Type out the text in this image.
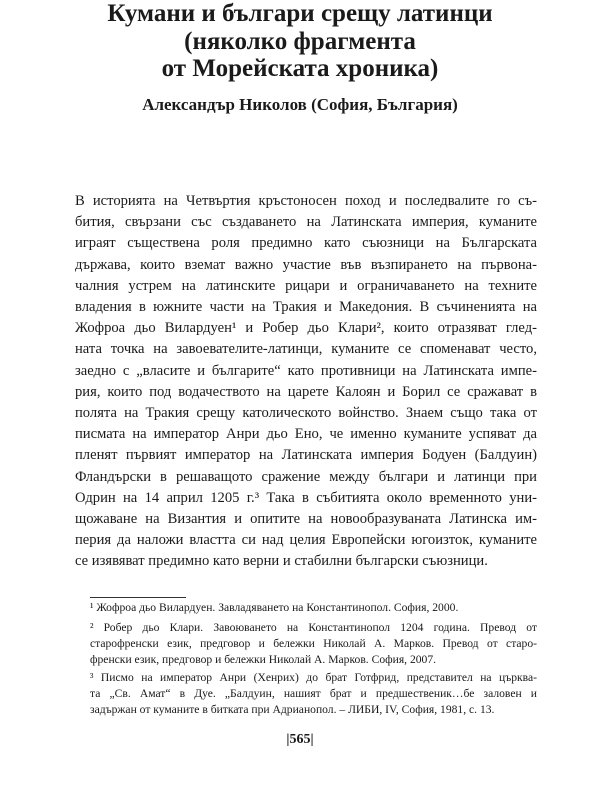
Кумани и българи срещу латинци
(няколко фрагмента
от Морейската хроника)
Александър Николов (София, България)
В историята на Четвъртия кръстоносен поход и последвалите го съ-
бития, свързани със създаването на Латинската империя, куманите
играят съществена роля предимно като съюзници на Българската
държава, които вземат важно участие във възпирането на първона-
чалния устрем на латинските рицари и ограничаването на техните
владения в южните части на Тракия и Македония. В съчиненията на
Жофроа дьо Вилардуен¹ и Робер дьо Клари², които отразяват глед-
ната точка на завоевателите-латинци, куманите се споменават често,
заедно с „власите и българите“ като противници на Латинската импе-
рия, които под водачеството на царете Калоян и Борил се сражават в
полята на Тракия срещу католическото войнство. Знаем също така от
писмата на император Анри дьо Ено, че именно куманите успяват да
пленят първият император на Латинската империя Бодуен (Балдуин)
Фландърски в решаващото сражение между българи и латинци при
Одрин на 14 април 1205 г.³ Така в събитията около временното уни-
щожаване на Византия и опитите на новообразуваната Латинска им-
перия да наложи властта си над целия Европейски югоизток, куманите
се изявяват предимно като верни и стабилни български съюзници.
¹ Жофроа дьо Вилардуен. Завладяването на Константинопол. София, 2000.
² Робер дьо Клари. Завоюването на Константинопол 1204 година. Превод от
старофренски език, предговор и бележки Николай А. Марков. Превод от старо-
френски език, предговор и бележки Николай А. Марков. София, 2007.
³ Писмо на император Анри (Хенрих) до брат Готфрид, представител на църква-
та „Св. Амат“ в Дуе. „Балдуин, нашият брат и предшественик…бе заловен и
задържан от куманите в битката при Адрианопол. – ЛИБИ, IV, София, 1981, с. 13.
|565|
